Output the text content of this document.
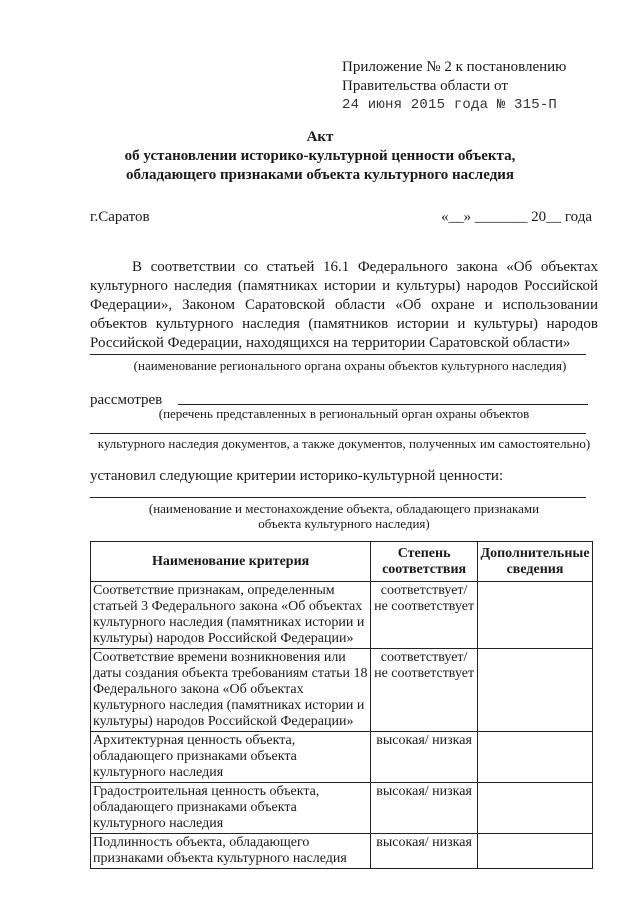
Приложение № 2 к постановлению
Правительства области от
24 июня 2015 года № 315-П
Акт
об установлении историко-культурной ценности объекта,
обладающего признаками объекта культурного наследия
г.Саратов	«__» _______ 20__ года

В соответствии со статьей 16.1 Федерального закона «Об объектах культурного наследия (памятниках истории и культуры) народов Российской Федерации», Законом Саратовской области «Об охране и использовании объектов культурного наследия (памятников истории и культуры) народов Российской Федерации, находящихся на территории Саратовской области»

(наименование регионального органа охраны объектов культурного наследия)
рассмотрев
(перечень представленных в региональный орган охраны объектов
культурного наследия документов, а также документов, полученных им самостоятельно)
установил следующие критерии историко-культурной ценности:
(наименование и местонахождение объекта, обладающего признаками
объекта культурного наследия)
Наименование критерия	Степень соответствия	Дополнительные сведения
Соответствие признакам, определенным статьей 3 Федерального закона «Об объектах культурного наследия (памятниках истории и культуры) народов Российской Федерации»	соответствует/ не соответствует	
Соответствие времени возникновения или даты создания объекта требованиям статьи 18 Федерального закона «Об объектах культурного наследия (памятниках истории и культуры) народов Российской Федерации»	соответствует/ не соответствует	
Архитектурная ценность объекта, обладающего признаками объекта культурного наследия	высокая/ низкая	
Градостроительная ценность объекта, обладающего признаками объекта культурного наследия	высокая/ низкая	
Подлинность объекта, обладающего признаками объекта культурного наследия	высокая/ низкая	
